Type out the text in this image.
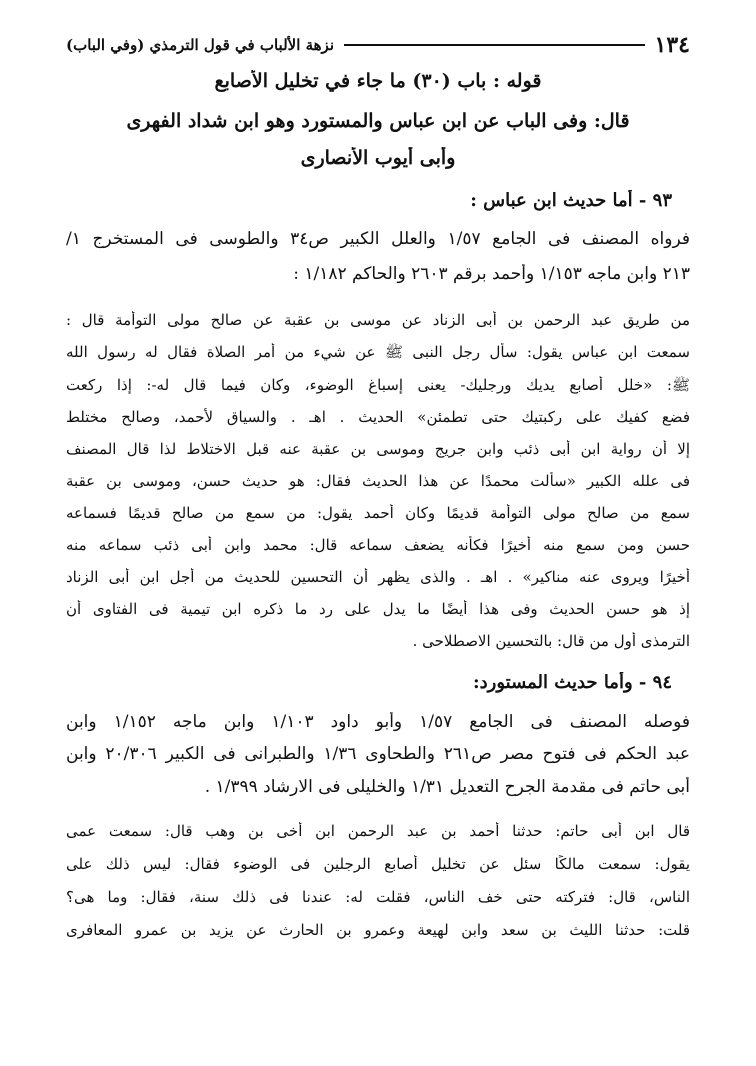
١٣٤
نزهة الألباب في قول الترمذي (وفي الباب)
قوله : باب (٣٠) ما جاء في تخليل الأصابع
قال: وفى الباب عن ابن عباس والمستورد وهو ابن شداد الفهرى
وأبى أيوب الأنصارى
٩٣ - أما حديث ابن عباس :
فرواه المصنف فى الجامع ١/٥٧ والعلل الكبير ص٣٤ والطوسى فى المستخرج ١/
٢١٣ وابن ماجه ١/١٥٣ وأحمد برقم ٢٦٠٣ والحاكم ١/١٨٢ :
من طريق عبد الرحمن بن أبى الزناد عن موسى بن عقبة عن صالح مولى التوأمة قال :
سمعت ابن عباس يقول: سأل رجل النبى ﷺ عن شيء من أمر الصلاة فقال له رسول الله
ﷺ: «خلل أصابع يديك ورجليك- يعنى إسباغ الوضوء، وكان فيما قال له-: إذا ركعت
فضع كفيك على ركبتيك حتى تطمئن» الحديث . اهـ . والسياق لأحمد، وصالح مختلط
إلا أن رواية ابن أبى ذئب وابن جريج وموسى بن عقبة عنه قبل الاختلاط لذا قال المصنف
فى علله الكبير «سألت محمدًا عن هذا الحديث فقال: هو حديث حسن، وموسى بن عقبة
سمع من صالح مولى التوأمة قديمًا وكان أحمد يقول: من سمع من صالح قديمًا فسماعه
حسن ومن سمع منه أخيرًا فكأنه يضعف سماعه قال: محمد وابن أبى ذئب سماعه منه
أخيرًا ويروى عنه مناكير» . اهـ . والذى يظهر أن التحسين للحديث من أجل ابن أبى الزناد
إذ هو حسن الحديث وفى هذا أيضًا ما يدل على رد ما ذكره ابن تيمية فى الفتاوى أن
الترمذى أول من قال: بالتحسين الاصطلاحى .
٩٤ - وأما حديث المستورد:
فوصله المصنف فى الجامع ١/٥٧ وأبو داود ١/١٠٣ وابن ماجه ١/١٥٢ وابن
عبد الحكم فى فتوح مصر ص٢٦١ والطحاوى ١/٣٦ والطبرانى فى الكبير ٢٠/٣٠٦ وابن
أبى حاتم فى مقدمة الجرح التعديل ١/٣١ والخليلى فى الارشاد ١/٣٩٩ .
قال ابن أبى حاتم: حدثنا أحمد بن عبد الرحمن ابن أخى بن وهب قال: سمعت عمى
يقول: سمعت مالكًا سئل عن تخليل أصابع الرجلين فى الوضوء فقال: ليس ذلك على
الناس، قال: فتركته حتى خف الناس، فقلت له: عندنا فى ذلك سنة، فقال: وما هى؟
قلت: حدثنا الليث بن سعد وابن لهيعة وعمرو بن الحارث عن يزيد بن عمرو المعافرى
